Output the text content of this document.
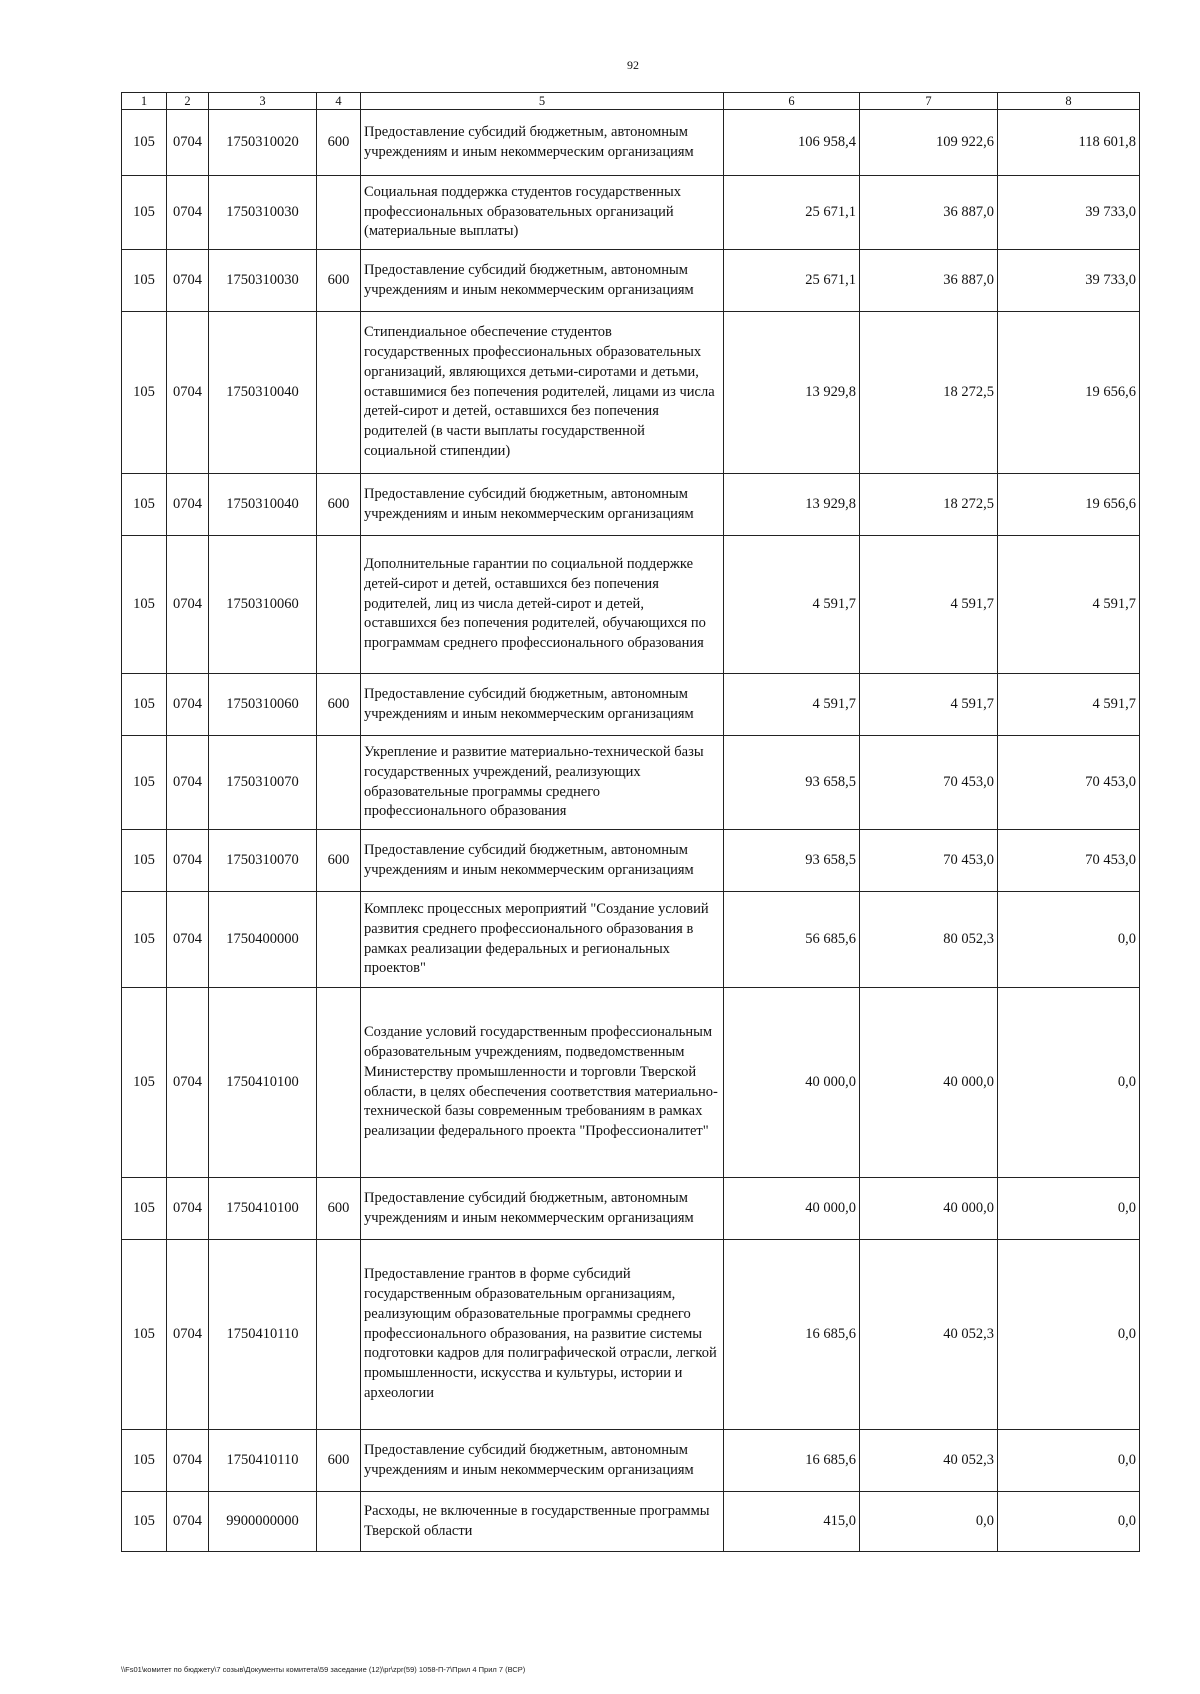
92
1	2	3	4	5	6	7	8
105	0704	1750310020	600	Предоставление субсидий бюджетным, автономным учреждениям и иным некоммерческим организациям	106 958,4	109 922,6	118 601,8
105	0704	1750310030		Социальная поддержка студентов государственных профессиональных образовательных организаций (материальные выплаты)	25 671,1	36 887,0	39 733,0
105	0704	1750310030	600	Предоставление субсидий бюджетным, автономным учреждениям и иным некоммерческим организациям	25 671,1	36 887,0	39 733,0
105	0704	1750310040		Стипендиальное обеспечение студентов государственных профессиональных образовательных организаций, являющихся детьми-сиротами и детьми, оставшимися без попечения родителей, лицами из числа детей-сирот и детей, оставшихся без попечения родителей (в части выплаты государственной социальной стипендии)	13 929,8	18 272,5	19 656,6
105	0704	1750310040	600	Предоставление субсидий бюджетным, автономным учреждениям и иным некоммерческим организациям	13 929,8	18 272,5	19 656,6
105	0704	1750310060		Дополнительные гарантии по социальной поддержке детей-сирот и детей, оставшихся без попечения родителей, лиц из числа детей-сирот и детей, оставшихся без попечения родителей, обучающихся по программам среднего профессионального образования	4 591,7	4 591,7	4 591,7
105	0704	1750310060	600	Предоставление субсидий бюджетным, автономным учреждениям и иным некоммерческим организациям	4 591,7	4 591,7	4 591,7
105	0704	1750310070		Укрепление и развитие материально-технической базы государственных учреждений, реализующих образовательные программы среднего профессионального образования	93 658,5	70 453,0	70 453,0
105	0704	1750310070	600	Предоставление субсидий бюджетным, автономным учреждениям и иным некоммерческим организациям	93 658,5	70 453,0	70 453,0
105	0704	1750400000		Комплекс процессных мероприятий "Создание условий развития среднего профессионального образования в рамках реализации федеральных и региональных проектов"	56 685,6	80 052,3	0,0
105	0704	1750410100		Создание условий государственным профессиональным образовательным учреждениям, подведомственным Министерству промышленности и торговли Тверской области, в целях обеспечения соответствия материально-технической базы современным требованиям в рамках реализации федерального проекта "Профессионалитет"	40 000,0	40 000,0	0,0
105	0704	1750410100	600	Предоставление субсидий бюджетным, автономным учреждениям и иным некоммерческим организациям	40 000,0	40 000,0	0,0
105	0704	1750410110		Предоставление грантов в форме субсидий государственным образовательным организациям, реализующим образовательные программы среднего профессионального образования, на развитие системы подготовки кадров для полиграфической отрасли, легкой промышленности, искусства и культуры, истории и археологии	16 685,6	40 052,3	0,0
105	0704	1750410110	600	Предоставление субсидий бюджетным, автономным учреждениям и иным некоммерческим организациям	16 685,6	40 052,3	0,0
105	0704	9900000000		Расходы, не включенные в государственные программы Тверской области	415,0	0,0	0,0
\\Fs01\комитет по бюджету\7 созыв\Документы комитета\59 заседание (12)\pr\zpr(59) 1058-П-7\Прил 4 Прил 7 (ВСР)
